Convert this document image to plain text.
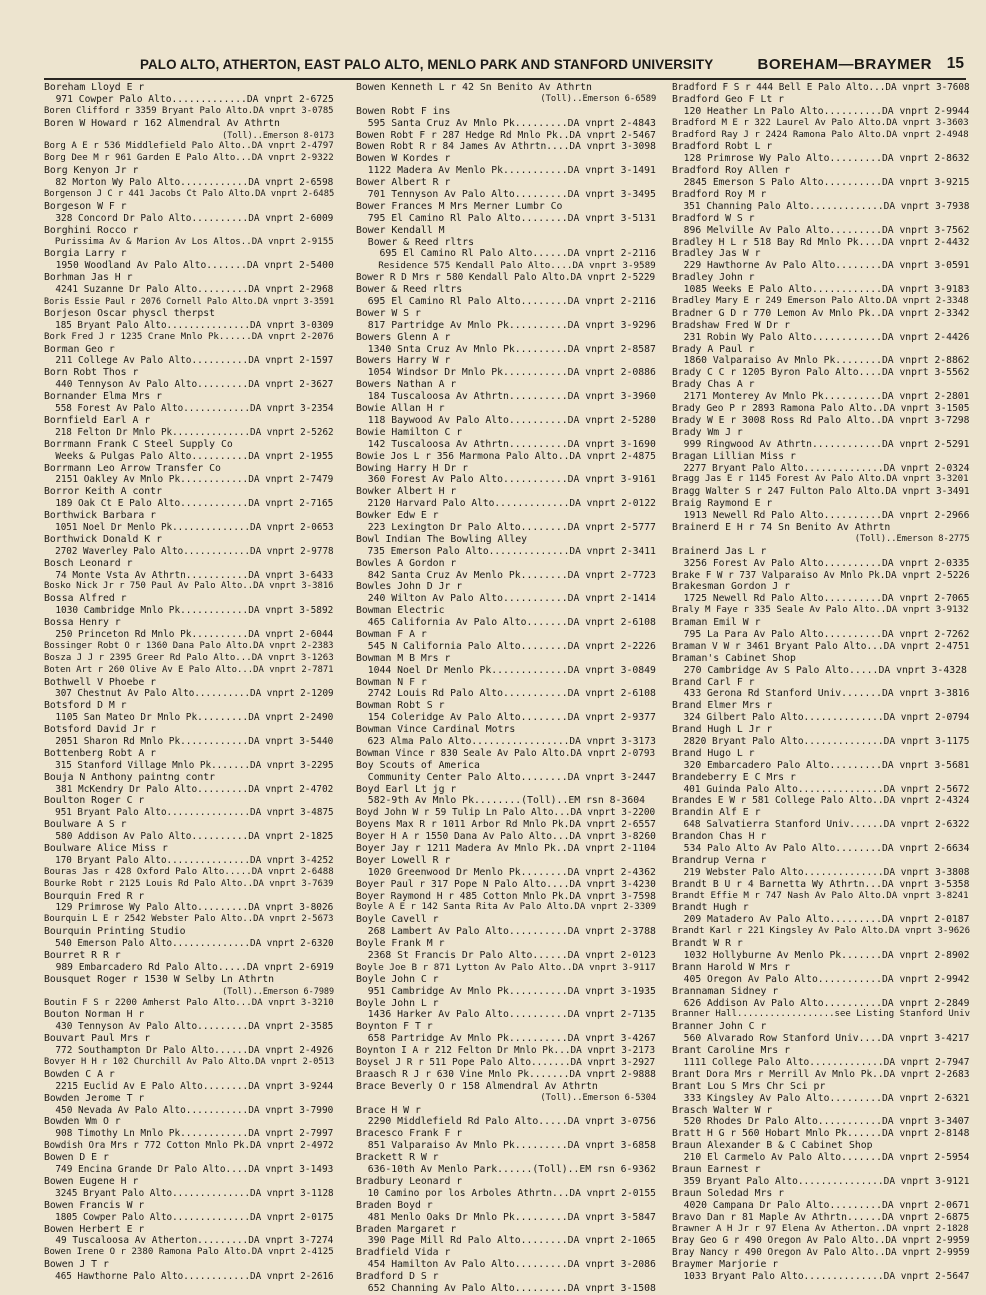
PALO ALTO, ATHERTON, EAST PALO ALTO, MENLO PARK AND STANFORD UNIVERSITY	BOREHAM—BRAYMER 15
Boreham Lloyd E r
971 Cowper Palo Alto.............DA vnprt 2-6725
Boren Clifford r 3359 Bryant Palo Alto.DA vnprt 3-0785
Boren W Howard r 162 Almendral Av Athrtn
(Toll)..Emerson 8-0173
Borg A E r 536 Middlefield Palo Alto..DA vnprt 2-4797
Borg Dee M r 961 Garden E Palo Alto...DA vnprt 2-9322
Borg Kenyon Jr r
82 Morton Wy Palo Alto............DA vnprt 2-6598
Borgenson J C r 441 Jacobs Ct Palo Alto.DA vnprt 2-6485
Borgeson W F r
328 Concord Dr Palo Alto..........DA vnprt 2-6009
Borghini Rocco r
Purissima Av & Marion Av Los Altos..DA vnprt 2-9155
Borgia Larry r
1950 Woodland Av Palo Alto.......DA vnprt 2-5400
Borhman Jas H r
4241 Suzanne Dr Palo Alto.........DA vnprt 2-2968
Boris Essie Paul r 2076 Cornell Palo Alto.DA vnprt 3-3591
Borjeson Oscar physcl therpst
185 Bryant Palo Alto...............DA vnprt 3-0309
Bork Fred J r 1235 Crane Mnlo Pk......DA vnprt 2-2076
Borman Geo r
211 College Av Palo Alto..........DA vnprt 2-1597
Born Robt Thos r
440 Tennyson Av Palo Alto.........DA vnprt 2-3627
Bornander Elma Mrs r
558 Forest Av Palo Alto............DA vnprt 3-2354
Bornfield Earl A r
218 Felton Dr Mnlo Pk..............DA vnprt 2-5262
Borrmann Frank C Steel Supply Co
Weeks & Pulgas Palo Alto..........DA vnprt 2-1955
Borrmann Leo Arrow Transfer Co
2151 Oakley Av Mnlo Pk............DA vnprt 2-7479
Borror Keith A contr
189 Oak Ct E Palo Alto............DA vnprt 2-7165
Borthwick Barbara r
1051 Noel Dr Menlo Pk..............DA vnprt 2-0653
Borthwick Donald K r
2702 Waverley Palo Alto............DA vnprt 2-9778
Bosch Leonard r
74 Monte Vsta Av Athrtn...........DA vnprt 3-6433
Bosko Nick Jr r 750 Paul Av Palo Alto..DA vnprt 3-3816
Bossa Alfred r
1030 Cambridge Mnlo Pk............DA vnprt 3-5892
Bossa Henry r
250 Princeton Rd Mnlo Pk..........DA vnprt 2-6044
Bossinger Robt O r 1360 Dana Palo Alto.DA vnprt 2-2383
Bosza J J r 2395 Greer Rd Palo Alto...DA vnprt 3-1263
Boten Art r 260 Olive Av E Palo Alto...DA vnprt 2-7871
Bothwell V Phoebe r
307 Chestnut Av Palo Alto..........DA vnprt 2-1209
Botsford D M r
1105 San Mateo Dr Mnlo Pk.........DA vnprt 2-2490
Botsford David Jr r
2051 Sharon Rd Mnlo Pk............DA vnprt 3-5440
Bottenberg Robt A r
315 Stanford Village Mnlo Pk.......DA vnprt 3-2295
Bouja N Anthony paintng contr
381 McKendry Dr Palo Alto.........DA vnprt 2-4702
Boulton Roger C r
951 Bryant Palo Alto...............DA vnprt 3-4875
Boulware A S r
580 Addison Av Palo Alto..........DA vnprt 2-1825
Boulware Alice Miss r
170 Bryant Palo Alto...............DA vnprt 3-4252
Bouras Jas r 428 Oxford Palo Alto.....DA vnprt 2-6488
Bourke Robt r 2125 Louis Rd Palo Alto..DA vnprt 3-7639
Bourquin Fred R r
129 Primrose Wy Palo Alto.........DA vnprt 3-8026
Bourquin L E r 2542 Webster Palo Alto..DA vnprt 2-5673
Bourquin Printing Studio
540 Emerson Palo Alto..............DA vnprt 2-6320
Bourret R R r
989 Embarcadero Rd Palo Alto.....DA vnprt 2-6919
Bousquet Roger r 1530 W Selby Ln Athrtn
(Toll)..Emerson 6-7989
Boutin F S r 2200 Amherst Palo Alto...DA vnprt 3-3210
Bouton Norman H r
430 Tennyson Av Palo Alto.........DA vnprt 2-3585
Bouvart Paul Mrs r
772 Southampton Dr Palo Alto......DA vnprt 2-4926
Bovyer H H r 102 Churchill Av Palo Alto.DA vnprt 2-0513
Bowden C A r
2215 Euclid Av E Palo Alto........DA vnprt 3-9244
Bowden Jerome T r
450 Nevada Av Palo Alto...........DA vnprt 3-7990
Bowden Wm O r
908 Timothy Ln Mnlo Pk............DA vnprt 2-7997
Bowdish Ora Mrs r 772 Cotton Mnlo Pk.DA vnprt 2-4972
Bowen D E r
749 Encina Grande Dr Palo Alto....DA vnprt 3-1493
Bowen Eugene H r
3245 Bryant Palo Alto..............DA vnprt 3-1128
Bowen Francis W r
1805 Cowper Palo Alto..............DA vnprt 2-0175
Bowen Herbert E r
49 Tuscaloosa Av Atherton.........DA vnprt 3-7274
Bowen Irene O r 2380 Ramona Palo Alto.DA vnprt 2-4125
Bowen J T r
465 Hawthorne Palo Alto............DA vnprt 2-2616
Bowen Kenneth L r 42 Sn Benito Av Athrtn
(Toll)..Emerson 6-6589
Bowen Robt F ins
595 Santa Cruz Av Mnlo Pk.........DA vnprt 2-4843
Bowen Robt F r 287 Hedge Rd Mnlo Pk..DA vnprt 2-5467
Bowen Robt R r 84 James Av Athrtn....DA vnprt 3-3098
Bowen W Kordes r
1122 Madera Av Menlo Pk...........DA vnprt 3-1491
Bower Albert R r
701 Tennyson Av Palo Alto.........DA vnprt 3-3495
Bower Frances M Mrs Merner Lumbr Co
795 El Camino Rl Palo Alto........DA vnprt 3-5131
Bower Kendall M
Bower & Reed rltrs
695 El Camino Rl Palo Alto......DA vnprt 2-2116
Residence 575 Kendall Palo Alto....DA vnprt 3-9589
Bower R D Mrs r 580 Kendall Palo Alto.DA vnprt 2-5229
Bower & Reed rltrs
695 El Camino Rl Palo Alto........DA vnprt 2-2116
Bower W S r
817 Partridge Av Mnlo Pk..........DA vnprt 3-9296
Bowers Glenn A r
1340 Snta Cruz Av Mnlo Pk.........DA vnprt 2-8587
Bowers Harry W r
1054 Windsor Dr Mnlo Pk...........DA vnprt 2-0886
Bowers Nathan A r
184 Tuscaloosa Av Athrtn..........DA vnprt 3-3960
Bowie Allan H r
118 Baywood Av Palo Alto..........DA vnprt 2-5280
Bowie Hamilton C r
142 Tuscaloosa Av Athrtn..........DA vnprt 3-1690
Bowie Jos L r 356 Marmona Palo Alto..DA vnprt 2-4875
Bowing Harry H Dr r
360 Forest Av Palo Alto...........DA vnprt 3-9161
Bowker Albert H r
2120 Harvard Palo Alto.............DA vnprt 2-0122
Bowker Edw E r
223 Lexington Dr Palo Alto........DA vnprt 2-5777
Bowl Indian The Bowling Alley
735 Emerson Palo Alto..............DA vnprt 2-3411
Bowles A Gordon r
842 Santa Cruz Av Menlo Pk........DA vnprt 2-7723
Bowles John D Jr r
240 Wilton Av Palo Alto...........DA vnprt 2-1414
Bowman Electric
465 California Av Palo Alto.......DA vnprt 2-6108
Bowman F A r
545 N California Palo Alto........DA vnprt 2-2226
Bowman M B Mrs r
1044 Noel Dr Menlo Pk.............DA vnprt 3-0849
Bowman N F r
2742 Louis Rd Palo Alto...........DA vnprt 2-6108
Bowman Robt S r
154 Coleridge Av Palo Alto........DA vnprt 2-9377
Bowman Vince Cardinal Motrs
623 Alma Palo Alto.................DA vnprt 3-3173
Bowman Vince r 830 Seale Av Palo Alto.DA vnprt 2-0793
Boy Scouts of America
Community Center Palo Alto........DA vnprt 3-2447
Boyd Earl Lt jg r
582-9th Av Mnlo Pk........(Toll)..EM rsn 8-3604
Boyd John W r 59 Tulip Ln Palo Alto...DA vnprt 3-2200
Boyens Max R r 1011 Arbor Rd Mnlo Pk.DA vnprt 2-6557
Boyer H A r 1550 Dana Av Palo Alto...DA vnprt 3-8260
Boyer Jay r 1211 Madera Av Mnlo Pk..DA vnprt 2-1104
Boyer Lowell R r
1020 Greenwood Dr Menlo Pk........DA vnprt 2-4362
Boyer Paul r 317 Pope N Palo Alto....DA vnprt 3-4230
Boyer Raymond H r 485 Cotton Mnlo Pk.DA vnprt 3-7598
Boyle A E r 142 Santa Rita Av Palo Alto.DA vnprt 2-3309
Boyle Cavell r
268 Lambert Av Palo Alto..........DA vnprt 2-3788
Boyle Frank M r
2368 St Francis Dr Palo Alto......DA vnprt 2-0123
Boyle Joe B r 871 Lytton Av Palo Alto..DA vnprt 3-9117
Boyle John C r
951 Cambridge Av Mnlo Pk..........DA vnprt 3-1935
Boyle John L r
1436 Harker Av Palo Alto..........DA vnprt 2-7135
Boynton F T r
658 Partridge Av Mnlo Pk..........DA vnprt 3-4267
Boynton I A r 212 Felton Dr Mnlo Pk...DA vnprt 3-2173
Boysel J R r 511 Pope Palo Alto.......DA vnprt 3-2927
Braasch R J r 630 Vine Mnlo Pk.......DA vnprt 2-9888
Brace Beverly O r 158 Almendral Av Athrtn
(Toll)..Emerson 6-5304
Brace H W r
2290 Middlefield Rd Palo Alto.....DA vnprt 3-0756
Bracesco Frank F r
851 Valparaiso Av Mnlo Pk.........DA vnprt 3-6858
Brackett R W r
636-10th Av Menlo Park......(Toll)..EM rsn 6-9362
Bradbury Leonard r
10 Camino por los Arboles Athrtn...DA vnprt 2-0155
Braden Boyd r
481 Menlo Oaks Dr Mnlo Pk.........DA vnprt 3-5847
Braden Margaret r
390 Page Mill Rd Palo Alto........DA vnprt 2-1065
Bradfield Vida r
454 Hamilton Av Palo Alto.........DA vnprt 3-2086
Bradford D S r
652 Channing Av Palo Alto.........DA vnprt 3-1508
Bradford F S r 444 Bell E Palo Alto...DA vnprt 3-7608
Bradford Geo F Lt r
120 Heather Ln Palo Alto..........DA vnprt 2-9944
Bradford M E r 322 Laurel Av Palo Alto.DA vnprt 3-3603
Bradford Ray J r 2424 Ramona Palo Alto.DA vnprt 2-4948
Bradford Robt L r
128 Primrose Wy Palo Alto.........DA vnprt 2-8632
Bradford Roy Allen r
2845 Emerson S Palo Alto..........DA vnprt 3-9215
Bradford Roy M r
351 Channing Palo Alto.............DA vnprt 3-7938
Bradford W S r
896 Melville Av Palo Alto.........DA vnprt 3-7562
Bradley H L r 518 Bay Rd Mnlo Pk....DA vnprt 2-4432
Bradley Jas W r
229 Hawthorne Av Palo Alto........DA vnprt 3-0591
Bradley John r
1085 Weeks E Palo Alto............DA vnprt 3-9183
Bradley Mary E r 249 Emerson Palo Alto.DA vnprt 2-3348
Bradner G D r 770 Lemon Av Mnlo Pk..DA vnprt 2-3342
Bradshaw Fred W Dr r
231 Robin Wy Palo Alto............DA vnprt 2-4426
Brady A Paul r
1860 Valparaiso Av Mnlo Pk........DA vnprt 2-8862
Brady C C r 1205 Byron Palo Alto....DA vnprt 3-5562
Brady Chas A r
2171 Monterey Av Mnlo Pk..........DA vnprt 2-2801
Brady Geo P r 2893 Ramona Palo Alto..DA vnprt 3-1505
Brady W E r 3008 Ross Rd Palo Alto..DA vnprt 3-7298
Brady Wm J r
999 Ringwood Av Athrtn............DA vnprt 2-5291
Bragan Lillian Miss r
2277 Bryant Palo Alto..............DA vnprt 2-0324
Bragg Jas E r 1145 Forest Av Palo Alto.DA vnprt 3-3201
Bragg Walter S r 247 Fulton Palo Alto.DA vnprt 3-3491
Braig Raymond E r
1913 Newell Rd Palo Alto..........DA vnprt 2-2966
Brainerd E H r 74 Sn Benito Av Athrtn
(Toll)..Emerson 8-2775
Brainerd Jas L r
3256 Forest Av Palo Alto..........DA vnprt 2-0335
Brake F W r 737 Valparaiso Av Mnlo Pk.DA vnprt 2-5226
Brakesman Gordon J r
1725 Newell Rd Palo Alto..........DA vnprt 2-7065
Braly M Faye r 335 Seale Av Palo Alto..DA vnprt 3-9132
Braman Emil W r
795 La Para Av Palo Alto..........DA vnprt 2-7262
Braman V W r 3461 Bryant Palo Alto...DA vnprt 2-4751
Braman's Cabinet Shop
270 Cambridge Av S Palo Alto.....DA vnprt 3-4328
Brand Carl F r
433 Gerona Rd Stanford Univ.......DA vnprt 3-3816
Brand Elmer Mrs r
324 Gilbert Palo Alto..............DA vnprt 2-0794
Brand Hugh L Jr r
2820 Bryant Palo Alto..............DA vnprt 3-1175
Brand Hugo L r
320 Embarcadero Palo Alto.........DA vnprt 3-5681
Brandeberry E C Mrs r
401 Guinda Palo Alto...............DA vnprt 2-5672
Brandes E W r 581 College Palo Alto..DA vnprt 2-4324
Brandin Alf E r
648 Salvatierra Stanford Univ......DA vnprt 2-6322
Brandon Chas H r
534 Palo Alto Av Palo Alto........DA vnprt 2-6634
Brandrup Verna r
219 Webster Palo Alto..............DA vnprt 3-3808
Brandt B U r 4 Barnetta Wy Athrtn...DA vnprt 3-5358
Brandt Effie M r 747 Nash Av Palo Alto.DA vnprt 3-8241
Brandt Hugh r
209 Matadero Av Palo Alto.........DA vnprt 2-0187
Brandt Karl r 221 Kingsley Av Palo Alto.DA vnprt 3-9626
Brandt W R r
1032 Hollyburne Av Menlo Pk.......DA vnprt 2-8902
Brann Harold W Mrs r
405 Oregon Av Palo Alto...........DA vnprt 2-9942
Brannaman Sidney r
626 Addison Av Palo Alto..........DA vnprt 2-2849
Branner Hall..................see Listing Stanford Univ
Branner John C r
560 Alvarado Row Stanford Univ....DA vnprt 3-4217
Brant Caroline Mrs r
1111 College Palo Alto.............DA vnprt 2-7947
Brant Dora Mrs r Merrill Av Mnlo Pk..DA vnprt 2-2683
Brant Lou S Mrs Chr Sci pr
333 Kingsley Av Palo Alto.........DA vnprt 2-6321
Brasch Walter W r
520 Rhodes Dr Palo Alto...........DA vnprt 3-3407
Bratt H G r 560 Hobart Mnlo Pk......DA vnprt 2-8148
Braun Alexander B & C Cabinet Shop
210 El Carmelo Av Palo Alto.......DA vnprt 2-5954
Braun Earnest r
359 Bryant Palo Alto...............DA vnprt 3-9121
Braun Soledad Mrs r
4020 Campana Dr Palo Alto.........DA vnprt 2-0671
Bravo Dan r 81 Maple Av Athrtn......DA vnprt 2-6875
Brawner A H Jr r 97 Elena Av Atherton..DA vnprt 2-1828
Bray Geo G r 490 Oregon Av Palo Alto..DA vnprt 2-9959
Bray Nancy r 490 Oregon Av Palo Alto..DA vnprt 2-9959
Braymer Marjorie r
1033 Bryant Palo Alto..............DA vnprt 2-5647
